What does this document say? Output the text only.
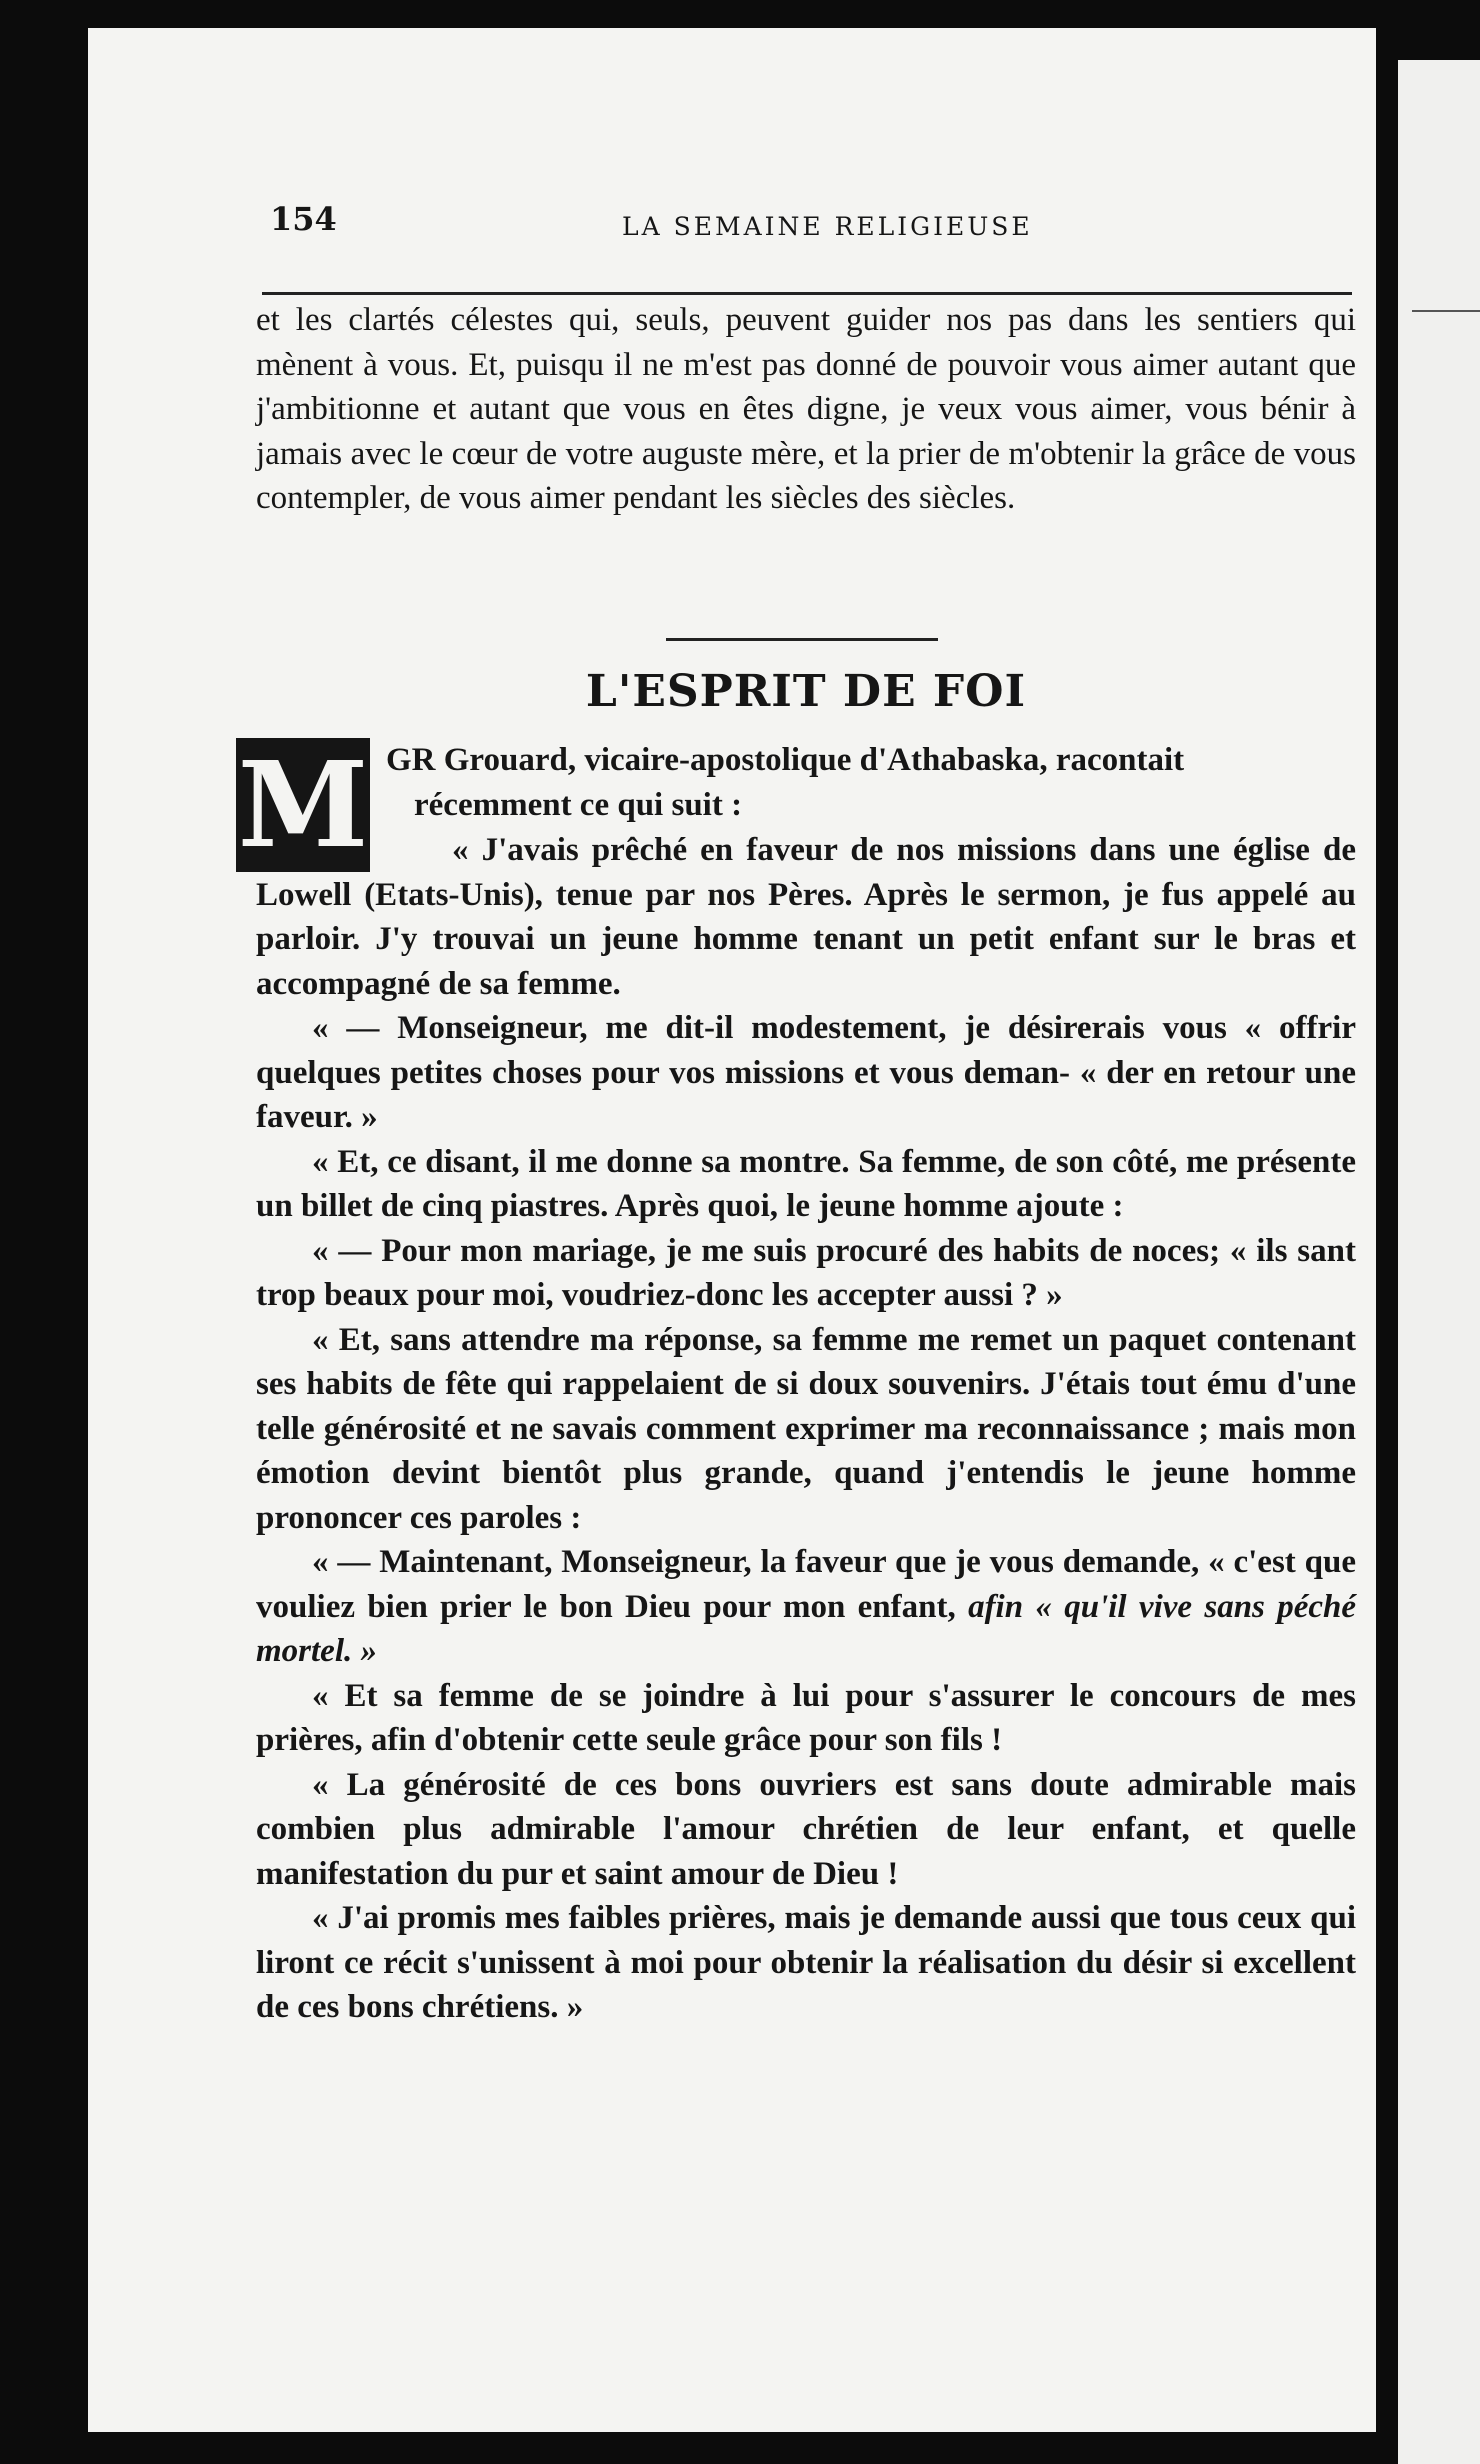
154	LA SEMAINE RELIGIEUSE

et les clartés célestes qui, seuls, peuvent guider nos pas dans les sentiers qui mènent à vous. Et, puisqu il ne m'est pas donné de pouvoir vous aimer autant que j'ambitionne et autant que vous en êtes digne, je veux vous aimer, vous bénir à jamais avec le cœur de votre auguste mère, et la prier de m'obtenir la grâce de vous contempler, de vous aimer pendant les siècles des siècles.

L'ESPRIT DE FOI
M GR Grouard, vicaire-apostolique d'Athabaska, racontait
récemment ce qui suit :

« J'avais prêché en faveur de nos missions dans une église de Lowell (Etats-Unis), tenue par nos Pères. Après le sermon, je fus appelé au parloir. J'y trouvai un jeune homme tenant un petit enfant sur le bras et accompagné de sa femme.

« — Monseigneur, me dit-il modestement, je désirerais vous « offrir quelques petites choses pour vos missions et vous deman- « der en retour une faveur. »

« Et, ce disant, il me donne sa montre. Sa femme, de son côté, me présente un billet de cinq piastres. Après quoi, le jeune homme ajoute :

« — Pour mon mariage, je me suis procuré des habits de noces; « ils sant trop beaux pour moi, voudriez-donc les accepter aussi ? »

« Et, sans attendre ma réponse, sa femme me remet un paquet contenant ses habits de fête qui rappelaient de si doux souvenirs. J'étais tout ému d'une telle générosité et ne savais comment exprimer ma reconnaissance ; mais mon émotion devint bientôt plus grande, quand j'entendis le jeune homme prononcer ces paroles :

« — Maintenant, Monseigneur, la faveur que je vous demande, « c'est que vouliez bien prier le bon Dieu pour mon enfant, afin « qu'il vive sans péché mortel. »

« Et sa femme de se joindre à lui pour s'assurer le concours de mes prières, afin d'obtenir cette seule grâce pour son fils !

« La générosité de ces bons ouvriers est sans doute admirable mais combien plus admirable l'amour chrétien de leur enfant, et quelle manifestation du pur et saint amour de Dieu !

« J'ai promis mes faibles prières, mais je demande aussi que tous ceux qui liront ce récit s'unissent à moi pour obtenir la réalisation du désir si excellent de ces bons chrétiens. »
